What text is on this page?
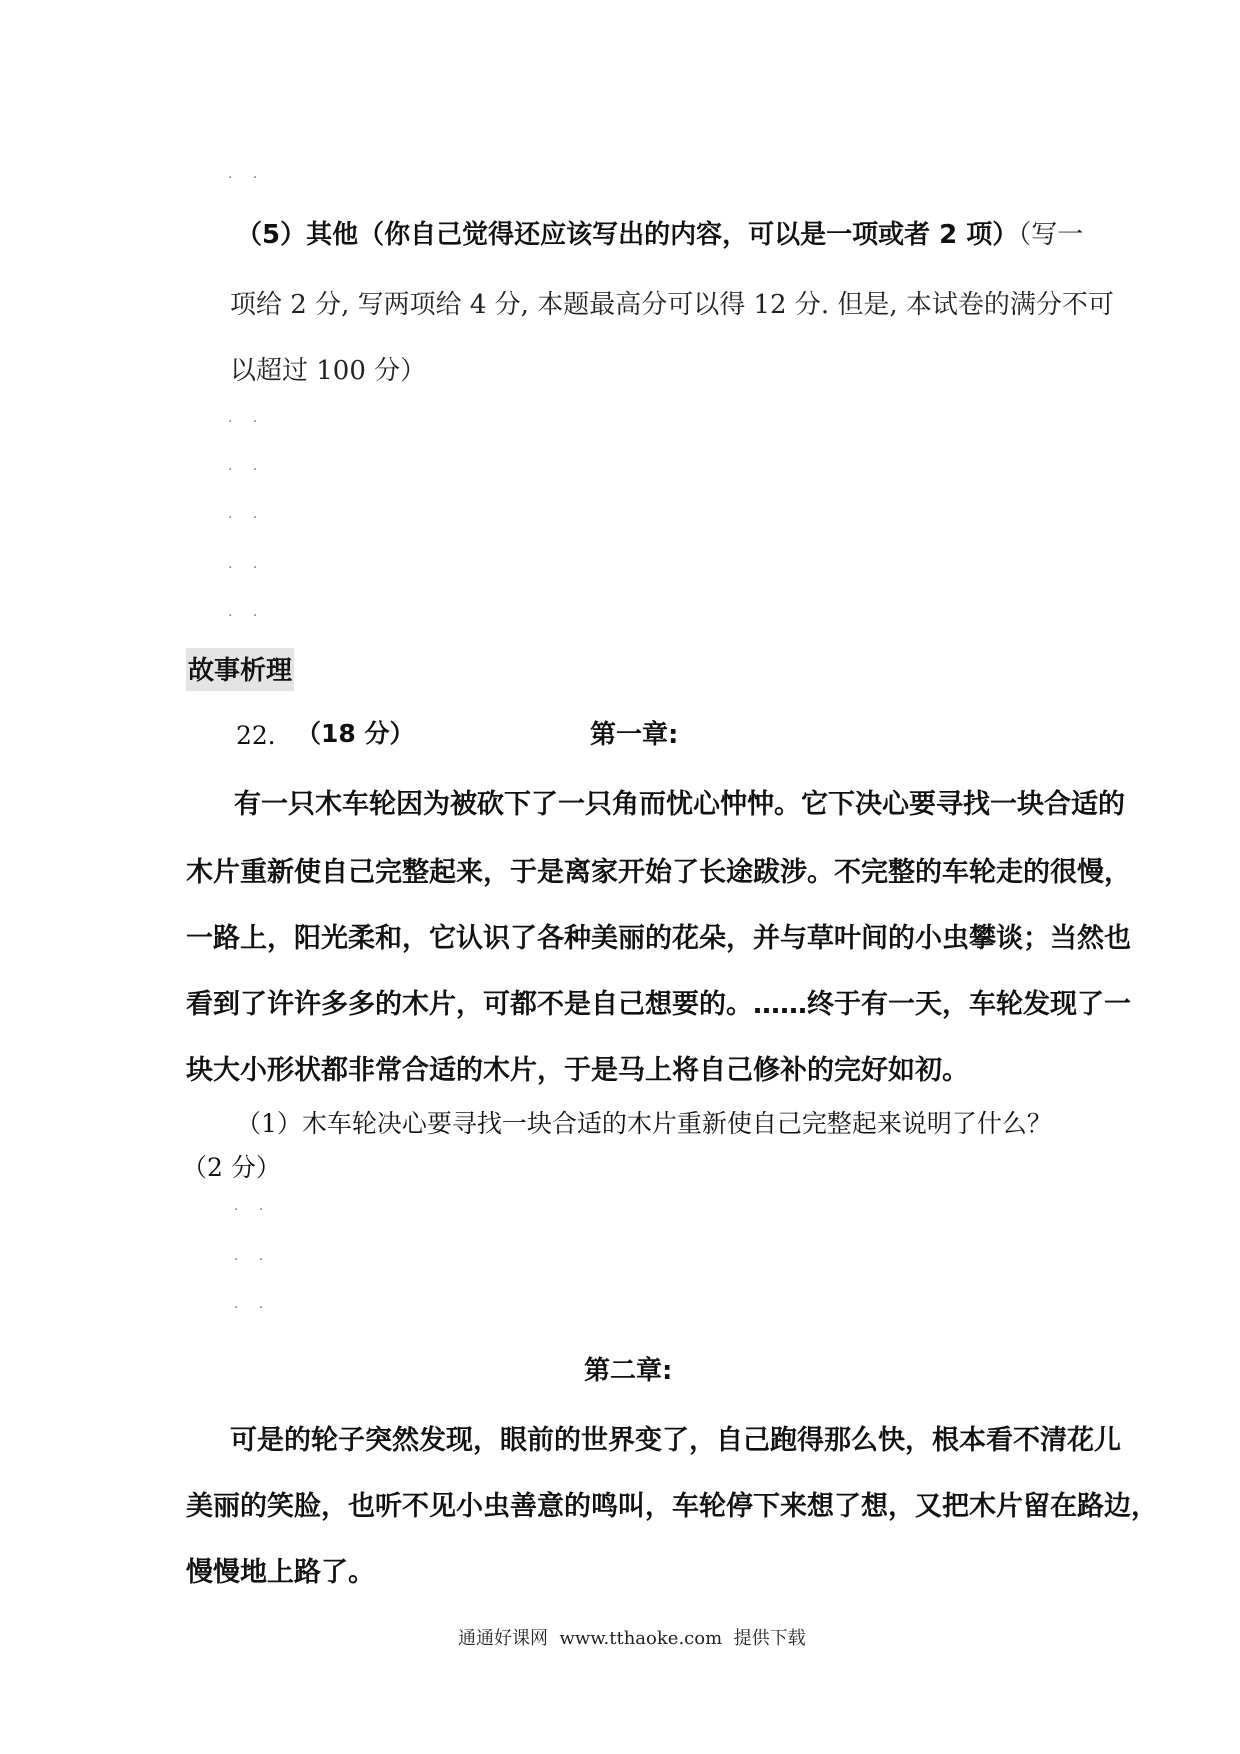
· ·
· ·
· ·
· ·
· ·
· ·
· ·
· ·
· ·
（5）其他（你自己觉得还应该写出的内容，可以是一项或者 2 项）（写一
项给 2 分, 写两项给 4 分, 本题最高分可以得 12 分. 但是, 本试卷的满分不可
以超过 100 分）
故事析理
22． （18 分）	第一章:
有一只木车轮因为被砍下了一只角而忧心忡忡。它下决心要寻找一块合适的
木片重新使自己完整起来，于是离家开始了长途跋涉。不完整的车轮走的很慢，
一路上，阳光柔和，它认识了各种美丽的花朵，并与草叶间的小虫攀谈；当然也
看到了许许多多的木片，可都不是自己想要的。……终于有一天，车轮发现了一
块大小形状都非常合适的木片，于是马上将自己修补的完好如初。
（1）木车轮决心要寻找一块合适的木片重新使自己完整起来说明了什么？
（2 分）
第二章:
可是的轮子突然发现，眼前的世界变了，自己跑得那么快，根本看不清花儿
美丽的笑脸，也听不见小虫善意的鸣叫，车轮停下来想了想，又把木片留在路边，
慢慢地上路了。
通通好课网  www.tthaoke.com  提供下载
